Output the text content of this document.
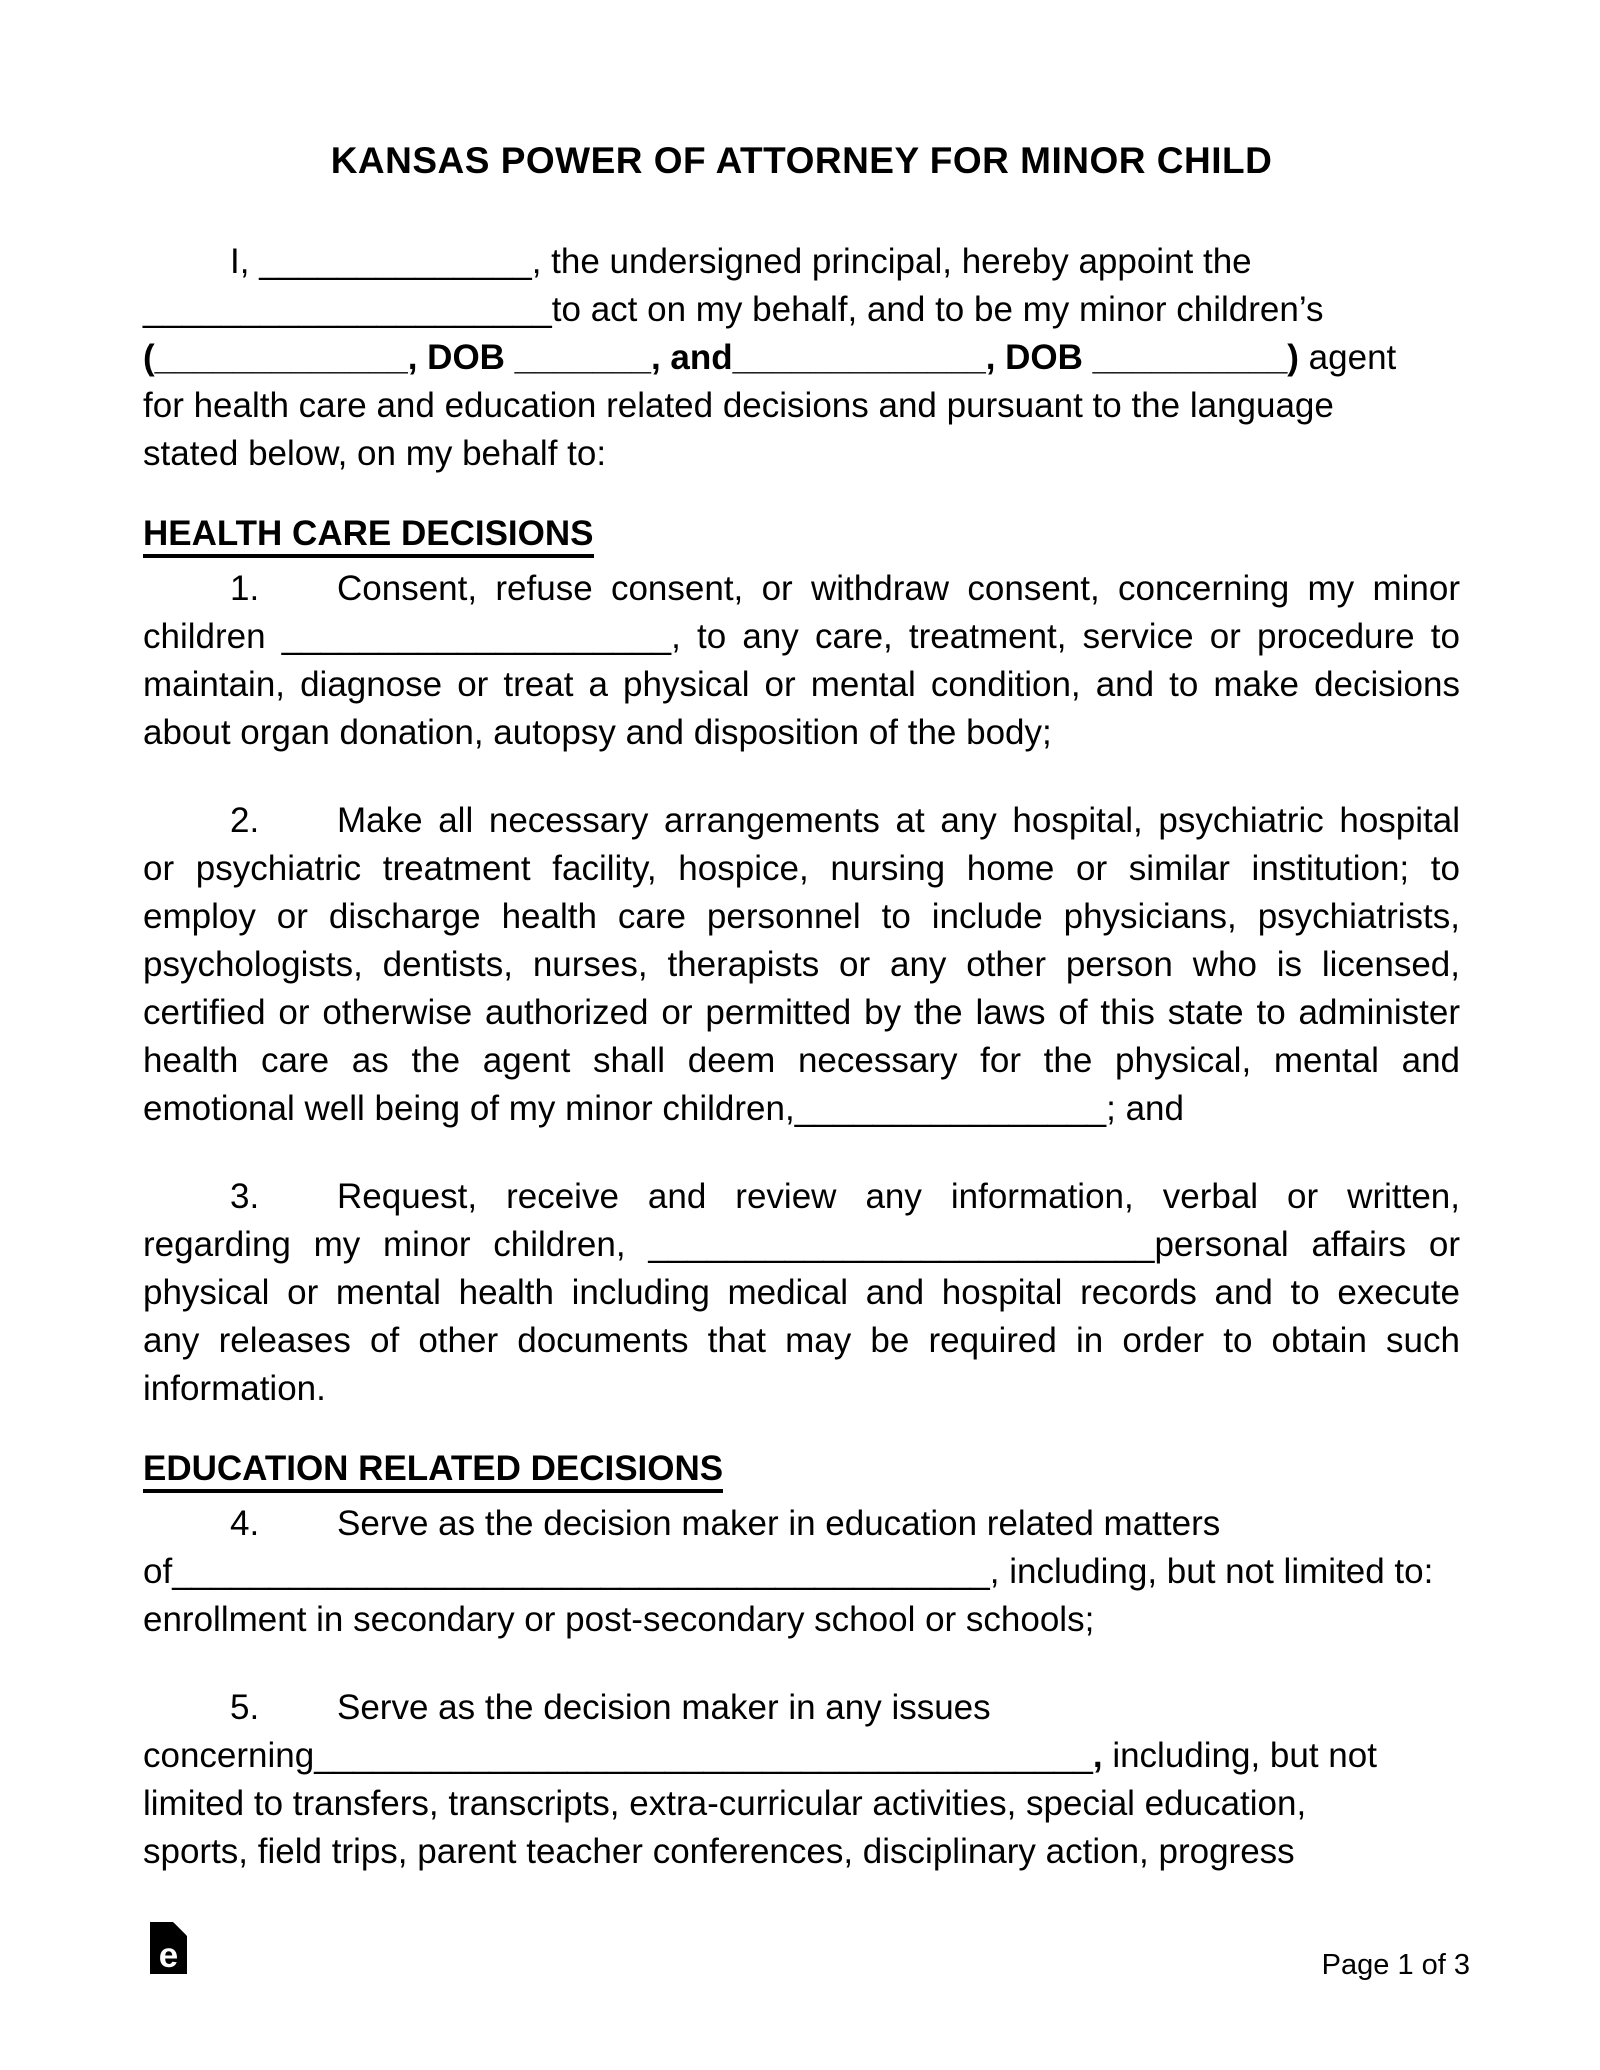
KANSAS POWER OF ATTORNEY FOR MINOR CHILD
I, ______________, the undersigned principal, hereby appoint the
_____________________to act on my behalf, and to be my minor children’s
(_____________, DOB _______, and_____________, DOB __________) agent
for health care and education related decisions and pursuant to the language
stated below, on my behalf to:
HEALTH CARE DECISIONS
1. Consent, refuse consent, or withdraw consent, concerning my minor
children ____________________, to any care, treatment, service or procedure to
maintain, diagnose or treat a physical or mental condition, and to make decisions
about organ donation, autopsy and disposition of the body;
2. Make all necessary arrangements at any hospital, psychiatric hospital
or psychiatric treatment facility, hospice, nursing home or similar institution; to
employ or discharge health care personnel to include physicians, psychiatrists,
psychologists, dentists, nurses, therapists or any other person who is licensed,
certified or otherwise authorized or permitted by the laws of this state to administer
health care as the agent shall deem necessary for the physical, mental and
emotional well being of my minor children,________________; and
3. Request, receive and review any information, verbal or written,
regarding my minor children, __________________________personal affairs or
physical or mental health including medical and hospital records and to execute
any releases of other documents that may be required in order to obtain such
information.
EDUCATION RELATED DECISIONS
4. Serve as the decision maker in education related matters
of__________________________________________, including, but not limited to:
enrollment in secondary or post-secondary school or schools;
5. Serve as the decision maker in any issues
concerning________________________________________, including, but not
limited to transfers, transcripts, extra-curricular activities, special education,
sports, field trips, parent teacher conferences, disciplinary action, progress
e	Page 1 of 3
